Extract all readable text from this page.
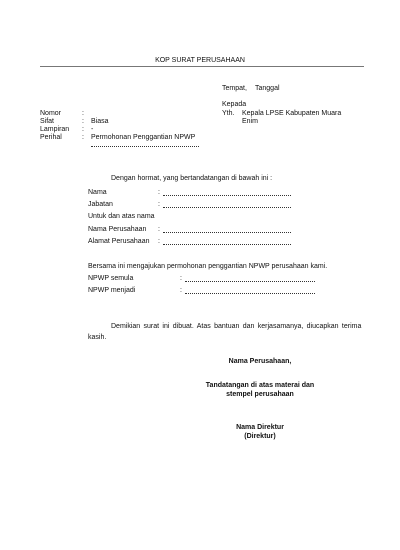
KOP SURAT PERUSAHAAN
Tempat, Tanggal
Kepada
Yth. Kepala LPSE Kabupaten Muara
Enim
Nomor	:
Sifat	: Biasa
Lampiran : -
Perihal	: Permohonan Penggantian NPWP
Dengan hormat, yang bertandatangan di bawah ini :
Nama	:
Jabatan	:
Untuk dan atas nama
Nama Perusahaan :
Alamat Perusahaan :
Bersama ini mengajukan permohonan penggantian NPWP perusahaan kami.
NPWP semula	:
NPWP menjadi	:
Demikian surat ini dibuat. Atas bantuan dan kerjasamanya, diucapkan terima
kasih.
Nama Perusahaan,
Tandatangan di atas materai dan
stempel perusahaan
Nama Direktur
(Direktur)
